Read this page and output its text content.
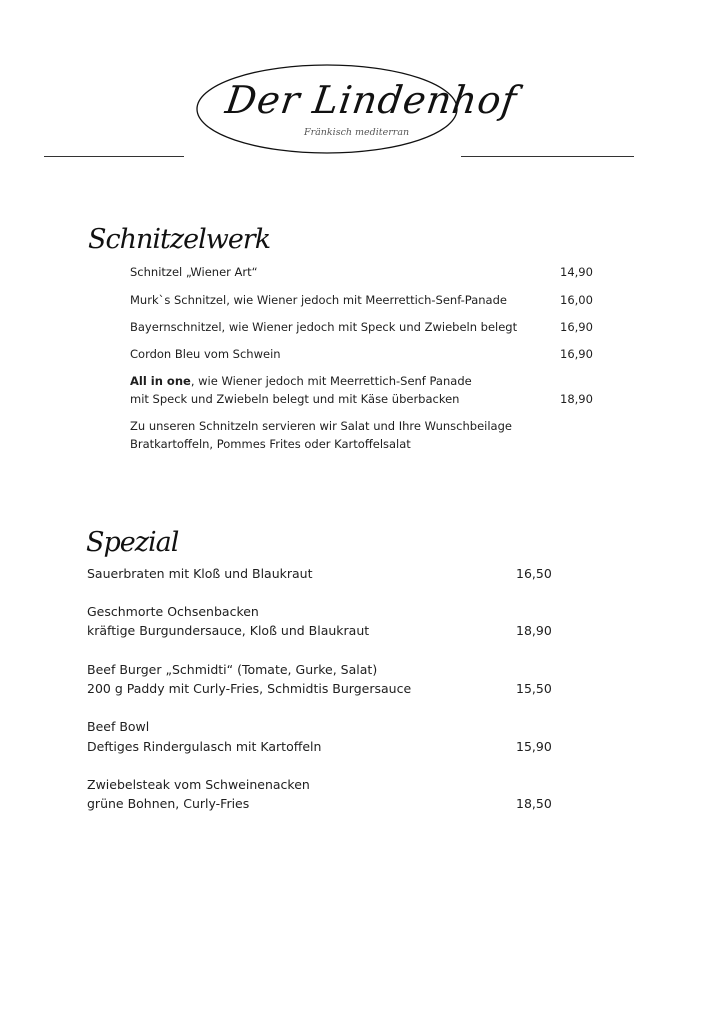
Der Lindenhof
Fränkisch mediterran
Schnitzelwerk
Schnitzel „Wiener Art“	14,90
Murk`s Schnitzel, wie Wiener jedoch mit Meerrettich-Senf-Panade	16,00
Bayernschnitzel, wie Wiener jedoch mit Speck und Zwiebeln belegt	16,90
Cordon Bleu vom Schwein	16,90
All in one, wie Wiener jedoch mit Meerrettich-Senf Panade
mit Speck und Zwiebeln belegt und mit Käse überbacken	18,90
Zu unseren Schnitzeln servieren wir Salat und Ihre Wunschbeilage
Bratkartoffeln, Pommes Frites oder Kartoffelsalat
Spezial
Sauerbraten mit Kloß und Blaukraut	16,50
Geschmorte Ochsenbacken
kräftige Burgundersauce, Kloß und Blaukraut	18,90
Beef Burger „Schmidti“ (Tomate, Gurke, Salat)
200 g Paddy mit Curly-Fries, Schmidtis Burgersauce	15,50
Beef Bowl
Deftiges Rindergulasch mit Kartoffeln	15,90
Zwiebelsteak vom Schweinenacken
grüne Bohnen, Curly-Fries	18,50
